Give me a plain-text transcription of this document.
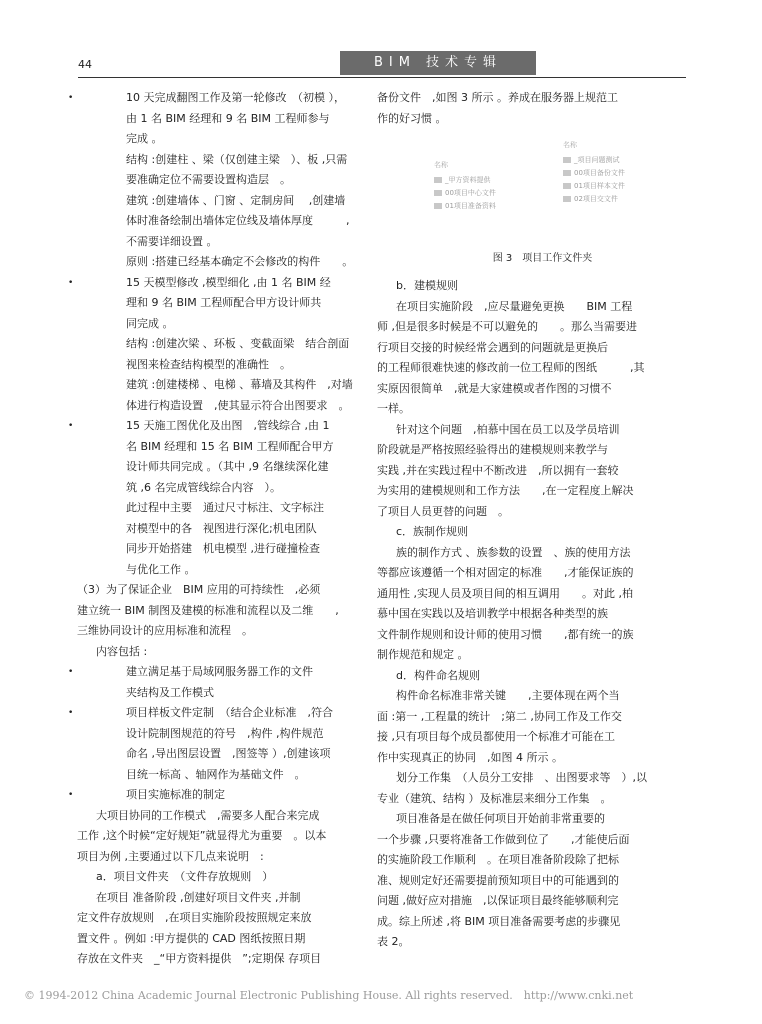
44	BIM 技术专辑

• 10 天完成翻图工作及第一轮修改　（初模 ），

由 1 名 BIM 经理和 9 名 BIM 工程师参与

完成 。

结构 :创建柱 、梁（仅创建主梁　）、板 ,只需

要准确定位不需要设置构造层　。

建筑 :创建墙体 、门窗 、定制房间 　,创建墙

体时准备绘制出墙体定位线及墙体厚度　　　,

不需要详细设置 。

原则 :搭建已经基本确定不会修改的构件　　。

• 15 天模型修改 ,模型细化 ,由 1 名 BIM 经

理和 9 名 BIM 工程师配合甲方设计师共

同完成 。

结构 :创建次梁 、环板 、变截面梁　结合剖面

视图来检查结构模型的准确性　。

建筑 :创建楼梯 、电梯 、幕墙及其构件　,对墙

体进行构造设置　,使其显示符合出图要求　。

• 15 天施工图优化及出图　,管线综合 ,由 1

名 BIM 经理和 15 名 BIM 工程师配合甲方

设计师共同完成 。（其中 ,9 名继续深化建

筑 ,6 名完成管线综合内容　）。

此过程中主要　通过尺寸标注、文字标注

对模型中的各　视图进行深化;机电团队

同步开始搭建　机电模型 ,进行碰撞检查

与优化工作 。

（3）为了保证企业　BIM 应用的可持续性　,必须

建立统一 BIM 制图及建模的标准和流程以及二维　　,

三维协同设计的应用标准和流程　。

内容包括 :

• 建立满足基于局域网服务器工作的文件

夹结构及工作模式

• 项目样板文件定制　（结合企业标准　,符合

设计院制图规范的符号　,构件 ,构件规范

命名 ,导出图层设置　,图签等 ）,创建该项

目统一标高 、轴网作为基础文件　。

• 项目实施标准的制定

大项目协同的工作模式　,需要多人配合来完成

工作 ,这个时候“定好规矩”就显得尤为重要　。以本

项目为例 ,主要通过以下几点来说明　:

a．项目文件夹　（文件存放规则　）

在项目 准备阶段 ,创建好项目文件夹 ,并制

定文件存放规则　,在项目实施阶段按照规定来放

置文件 。例如 :甲方提供的 CAD 图纸按照日期

存放在文件夹　_“甲方资料提供　”;定期保 存项目

备份文件　,如图 3 所示 。养成在服务器上规范工

作的好习惯 。

名称
_甲方资料提供
00项目中心文件
01项目准备资料
名称
_项目问题测试
00项目备份文件
01项目样本文件
02项目交文件
图 3　项目工作文件夹

b．建模规则

在项目实施阶段　,应尽量避免更换　　BIM 工程

师 ,但是很多时候是不可以避免的　　。那么当需要进

行项目交接的时候经常会遇到的问题就是更换后

的工程师很难快速的修改前一位工程师的图纸　　　,其

实原因很简单　,就是大家建模或者作图的习惯不

一样。

针对这个问题　,柏慕中国在员工以及学员培训

阶段就是严格按照经验得出的建模规则来教学与

实践 ,并在实践过程中不断改进　,所以拥有一套较

为实用的建模规则和工作方法　　,在一定程度上解决

了项目人员更替的问题　。

c．族制作规则

族的制作方式 、族参数的设置　、族的使用方法

等都应该遵循一个相对固定的标准　　,才能保证族的

通用性 ,实现人员及项目间的相互调用　　。对此 ,柏

慕中国在实践以及培训教学中根据各种类型的族

文件制作规则和设计师的使用习惯　　,都有统一的族

制作规范和规定 。

d．构件命名规则

构件命名标准非常关键　　,主要体现在两个当

面 :第一 ,工程量的统计　;第二 ,协同工作及工作交

接 ,只有项目每个成员都使用一个标准才可能在工

作中实现真正的协同　,如图 4 所示 。

划分工作集　（人员分工安排　、出图要求等　）,以

专业（建筑、结构 ）及标准层来细分工作集　。

项目准备是在做任何项目开始前非常重要的

一个步骤 ,只要将准备工作做到位了　　,才能使后面

的实施阶段工作顺利　。在项目准备阶段除了把标

准、规则定好还需要提前预知项目中的可能遇到的

问题 ,做好应对措施　,以保证项目最终能够顺利完

成。综上所述 ,将 BIM 项目准备需要考虑的步骤见

表 2。

© 1994-2012 China Academic Journal Electronic Publishing House. All rights reserved.　http://www.cnki.net
